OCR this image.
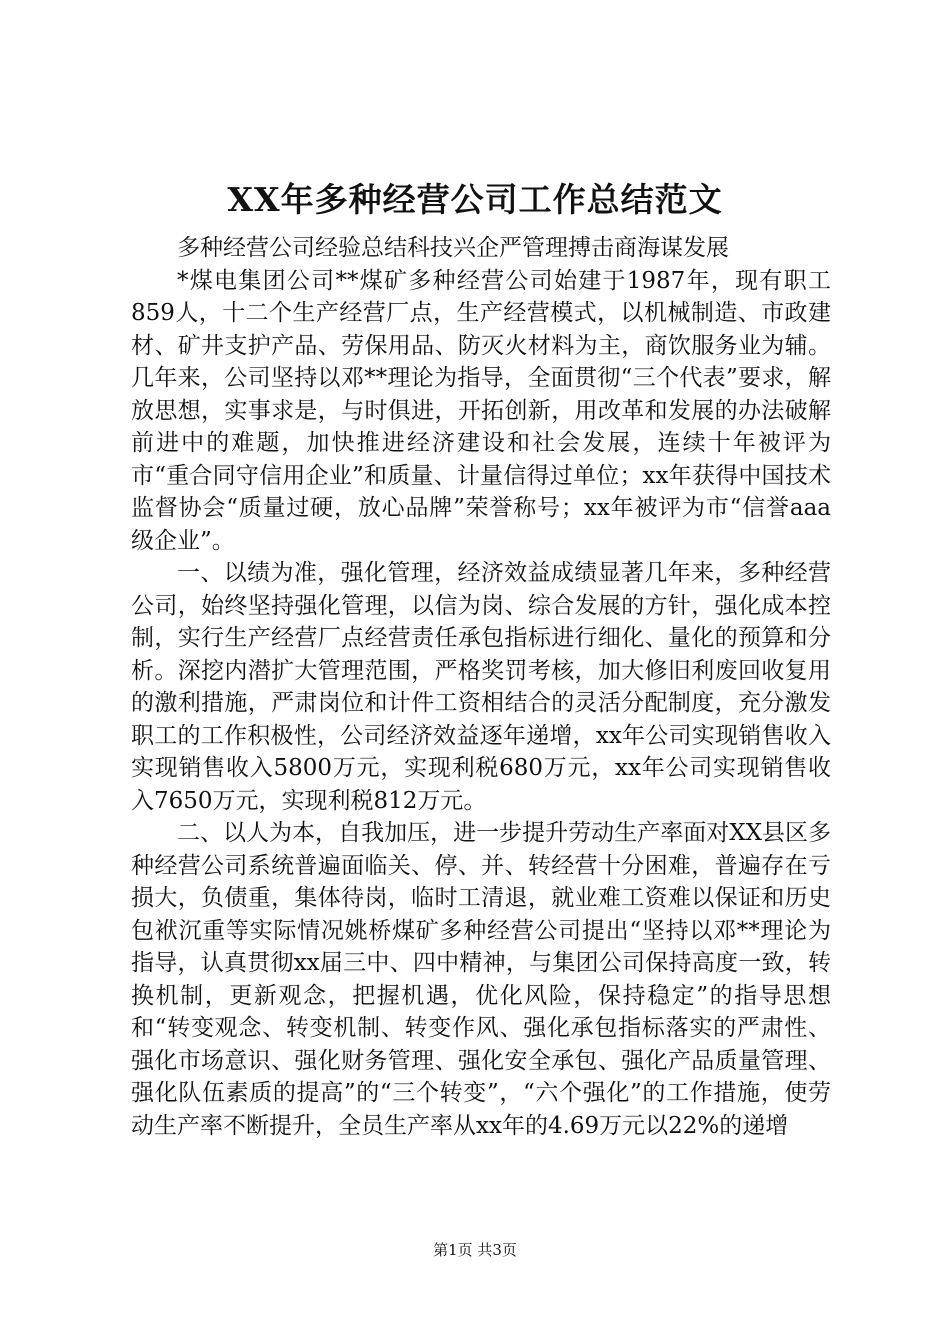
XX年多种经营公司工作总结范文

多种经营公司经验总结科技兴企严管理搏击商海谋发展

*煤电集团公司**煤矿多种经营公司始建于1987年，现有职工859人，十二个生产经营厂点，生产经营模式，以机械制造、市政建材、矿井支护产品、劳保用品、防灭火材料为主，商饮服务业为辅。几年来，公司坚持以邓**理论为指导，全面贯彻“三个代表”要求，解放思想，实事求是，与时俱进，开拓创新，用改革和发展的办法破解前进中的难题，加快推进经济建设和社会发展，连续十年被评为市“重合同守信用企业”和质量、计量信得过单位；xx年获得中国技术监督协会“质量过硬，放心品牌”荣誉称号；xx年被评为市“信誉aaa级企业”。

一、以绩为准，强化管理，经济效益成绩显著几年来，多种经营公司，始终坚持强化管理，以信为岗、综合发展的方针，强化成本控制，实行生产经营厂点经营责任承包指标进行细化、量化的预算和分析。深挖内潜扩大管理范围，严格奖罚考核，加大修旧利废回收复用的激利措施，严肃岗位和计件工资相结合的灵活分配制度，充分激发职工的工作积极性，公司经济效益逐年递增，xx年公司实现销售收入实现销售收入5800万元，实现利税680万元，xx年公司实现销售收入7650万元，实现利税812万元。

二、以人为本，自我加压，进一步提升劳动生产率面对XX县区多种经营公司系统普遍面临关、停、并、转经营十分困难，普遍存在亏损大，负债重，集体待岗，临时工清退，就业难工资难以保证和历史包袱沉重等实际情况姚桥煤矿多种经营公司提出“坚持以邓**理论为指导，认真贯彻xx届三中、四中精神，与集团公司保持高度一致，转换机制，更新观念，把握机遇，优化风险，保持稳定”的指导思想和“转变观念、转变机制、转变作风、强化承包指标落实的严肃性、强化市场意识、强化财务管理、强化安全承包、强化产品质量管理、强化队伍素质的提高”的“三个转变”，“六个强化”的工作措施，使劳动生产率不断提升，全员生产率从xx年的4.69万元以22%的递增

第1页 共3页
